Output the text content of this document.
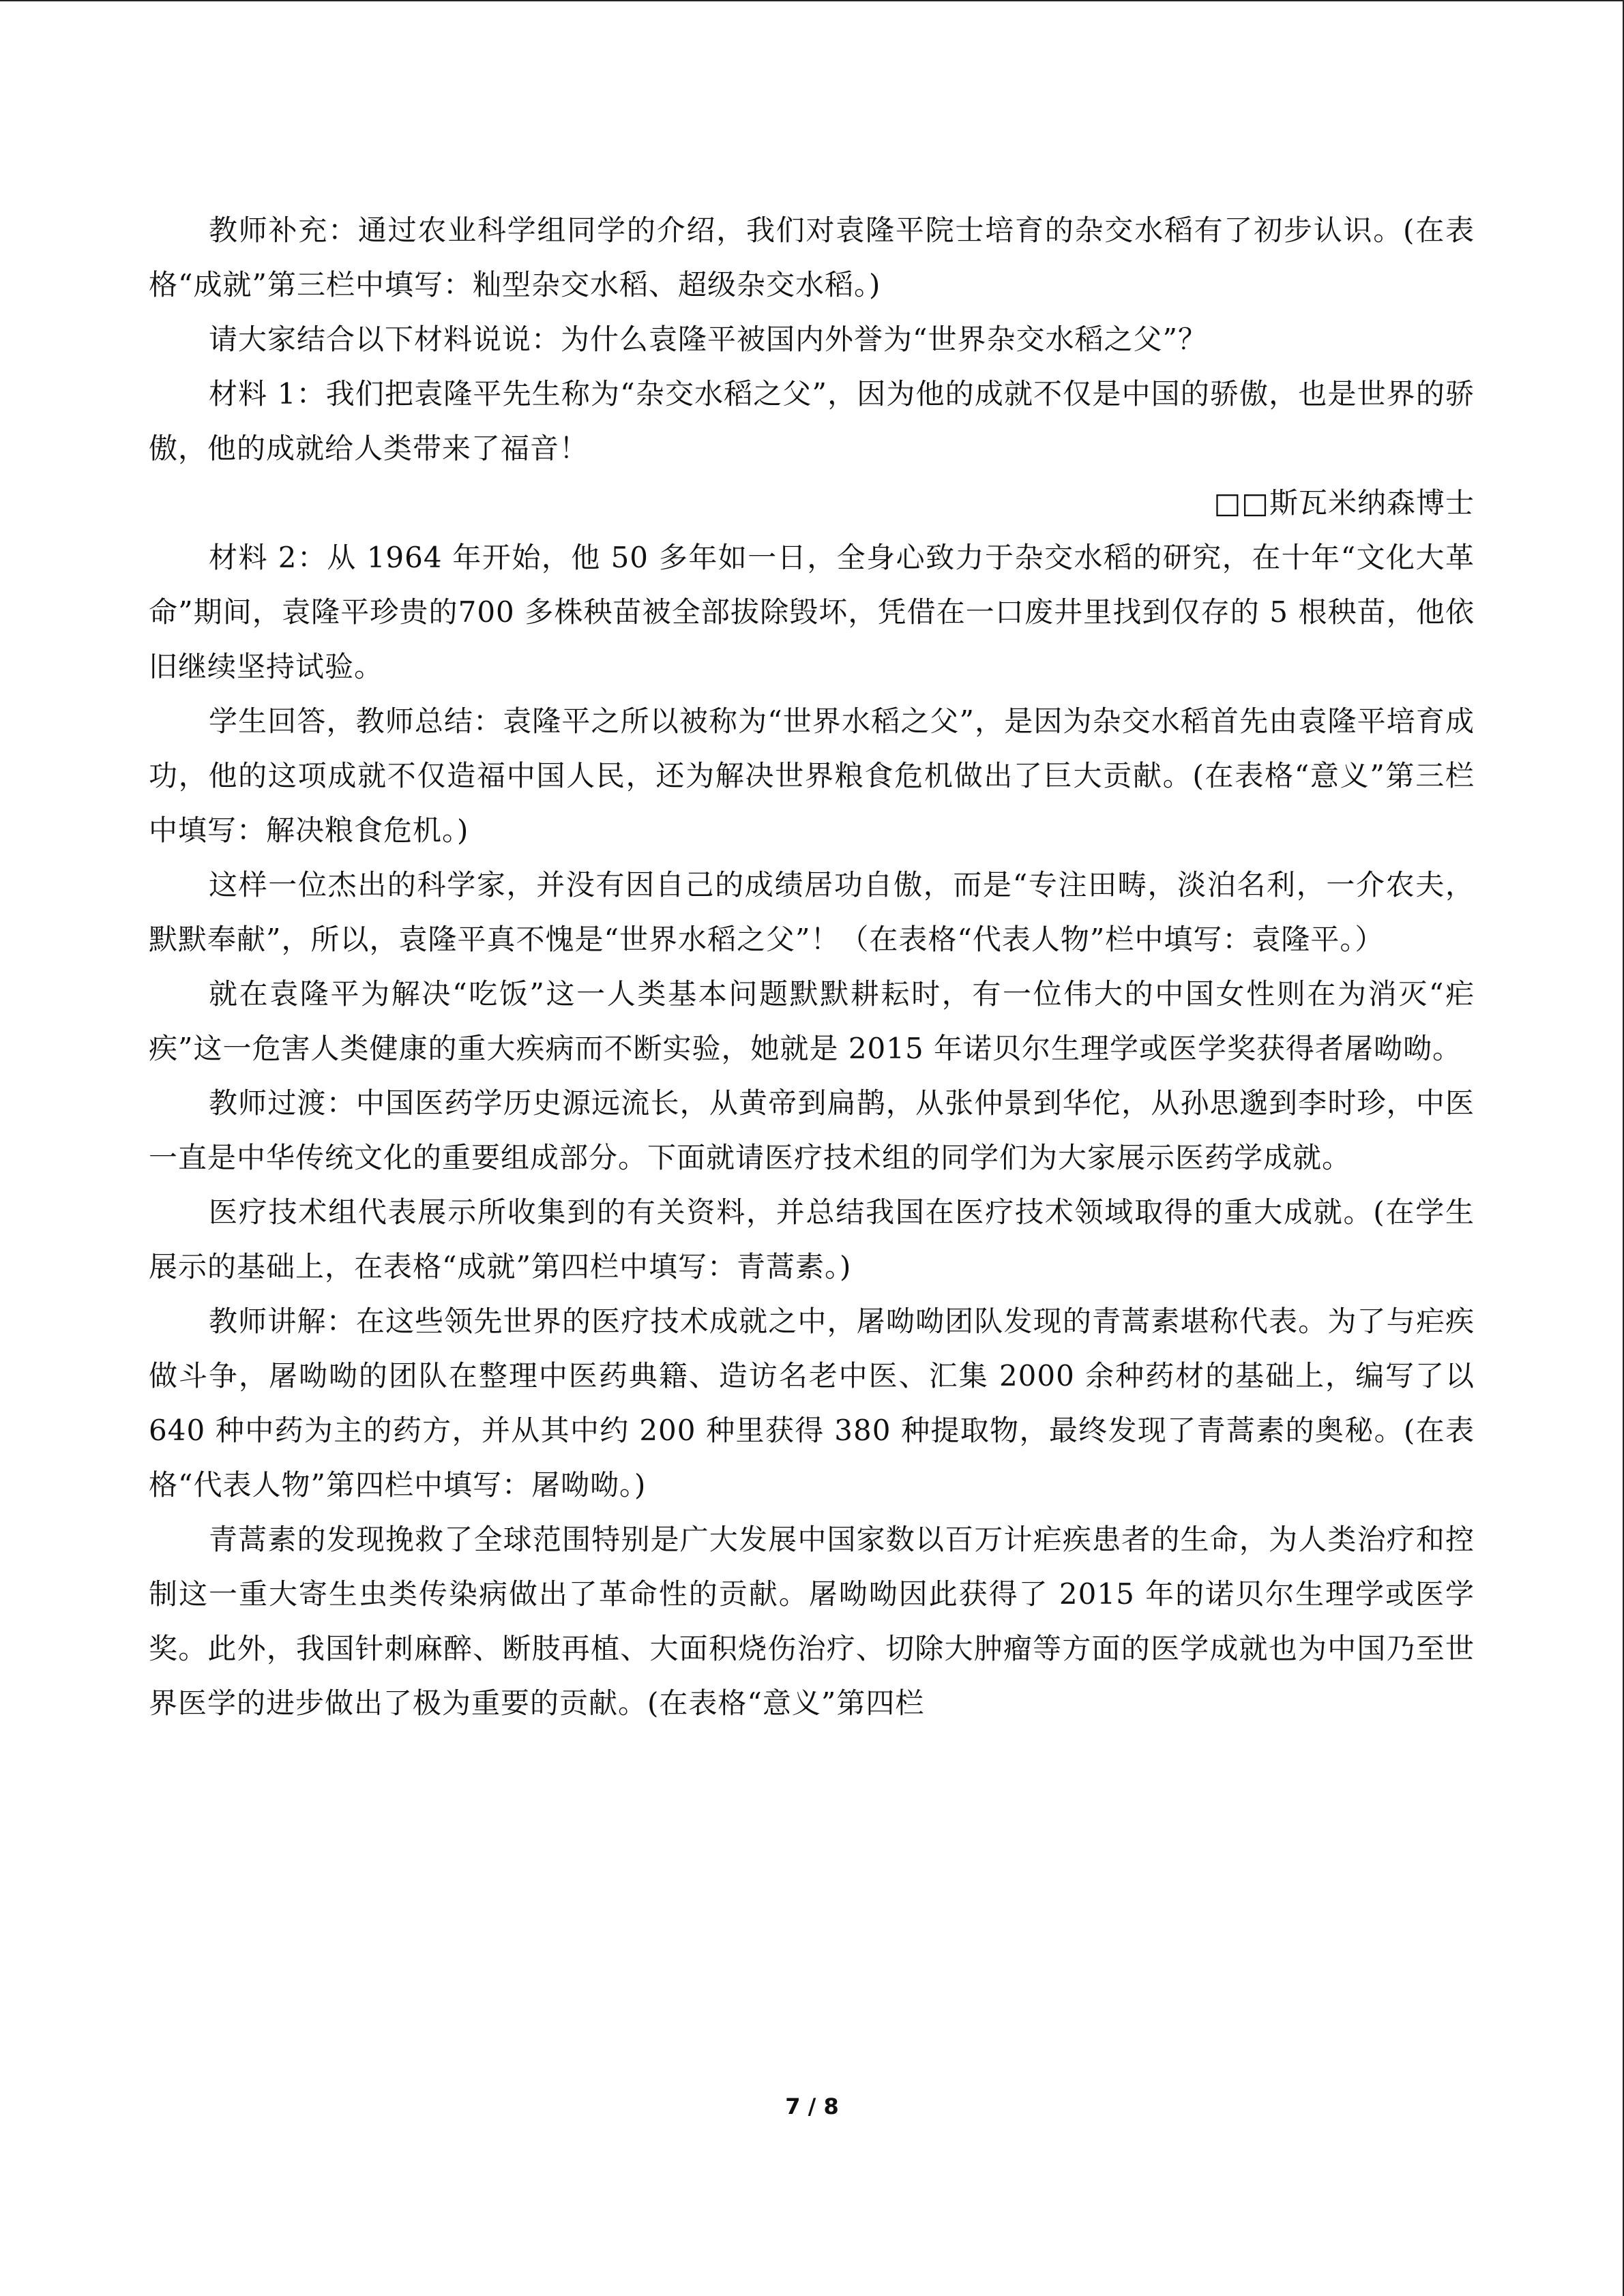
教师补充：通过农业科学组同学的介绍，我们对袁隆平院士培育的杂交水稻有了初步认识。(在表格“成就”第三栏中填写：籼型杂交水稻、超级杂交水稻。)

请大家结合以下材料说说：为什么袁隆平被国内外誉为“世界杂交水稻之父”？

材料 1：我们把袁隆平先生称为“杂交水稻之父”，因为他的成就不仅是中国的骄傲，也是世界的骄傲，他的成就给人类带来了福音！

□□斯瓦米纳森博士

材料 2：从 1964 年开始，他 50 多年如一日，全身心致力于杂交水稻的研究，在十年“文化大革命”期间，袁隆平珍贵的700 多株秧苗被全部拔除毁坏，凭借在一口废井里找到仅存的 5 根秧苗，他依旧继续坚持试验。

学生回答，教师总结：袁隆平之所以被称为“世界水稻之父”，是因为杂交水稻首先由袁隆平培育成功，他的这项成就不仅造福中国人民，还为解决世界粮食危机做出了巨大贡献。(在表格“意义”第三栏中填写：解决粮食危机。)

这样一位杰出的科学家，并没有因自己的成绩居功自傲，而是“专注田畴，淡泊名利，一介农夫，默默奉献”，所以，袁隆平真不愧是“世界水稻之父”！（在表格“代表人物”栏中填写：袁隆平。）

就在袁隆平为解决“吃饭”这一人类基本问题默默耕耘时，有一位伟大的中国女性则在为消灭“疟疾”这一危害人类健康的重大疾病而不断实验，她就是 2015 年诺贝尔生理学或医学奖获得者屠呦呦。

教师过渡：中国医药学历史源远流长，从黄帝到扁鹊，从张仲景到华佗，从孙思邈到李时珍，中医一直是中华传统文化的重要组成部分。下面就请医疗技术组的同学们为大家展示医药学成就。

医疗技术组代表展示所收集到的有关资料，并总结我国在医疗技术领域取得的重大成就。(在学生展示的基础上，在表格“成就”第四栏中填写：青蒿素。)

教师讲解：在这些领先世界的医疗技术成就之中，屠呦呦团队发现的青蒿素堪称代表。为了与疟疾做斗争，屠呦呦的团队在整理中医药典籍、造访名老中医、汇集 2000 余种药材的基础上，编写了以 640 种中药为主的药方，并从其中约 200 种里获得 380 种提取物，最终发现了青蒿素的奥秘。(在表格“代表人物”第四栏中填写：屠呦呦。)

青蒿素的发现挽救了全球范围特别是广大发展中国家数以百万计疟疾患者的生命，为人类治疗和控制这一重大寄生虫类传染病做出了革命性的贡献。屠呦呦因此获得了 2015 年的诺贝尔生理学或医学奖。此外，我国针刺麻醉、断肢再植、大面积烧伤治疗、切除大肿瘤等方面的医学成就也为中国乃至世界医学的进步做出了极为重要的贡献。(在表格“意义”第四栏

7 / 8
